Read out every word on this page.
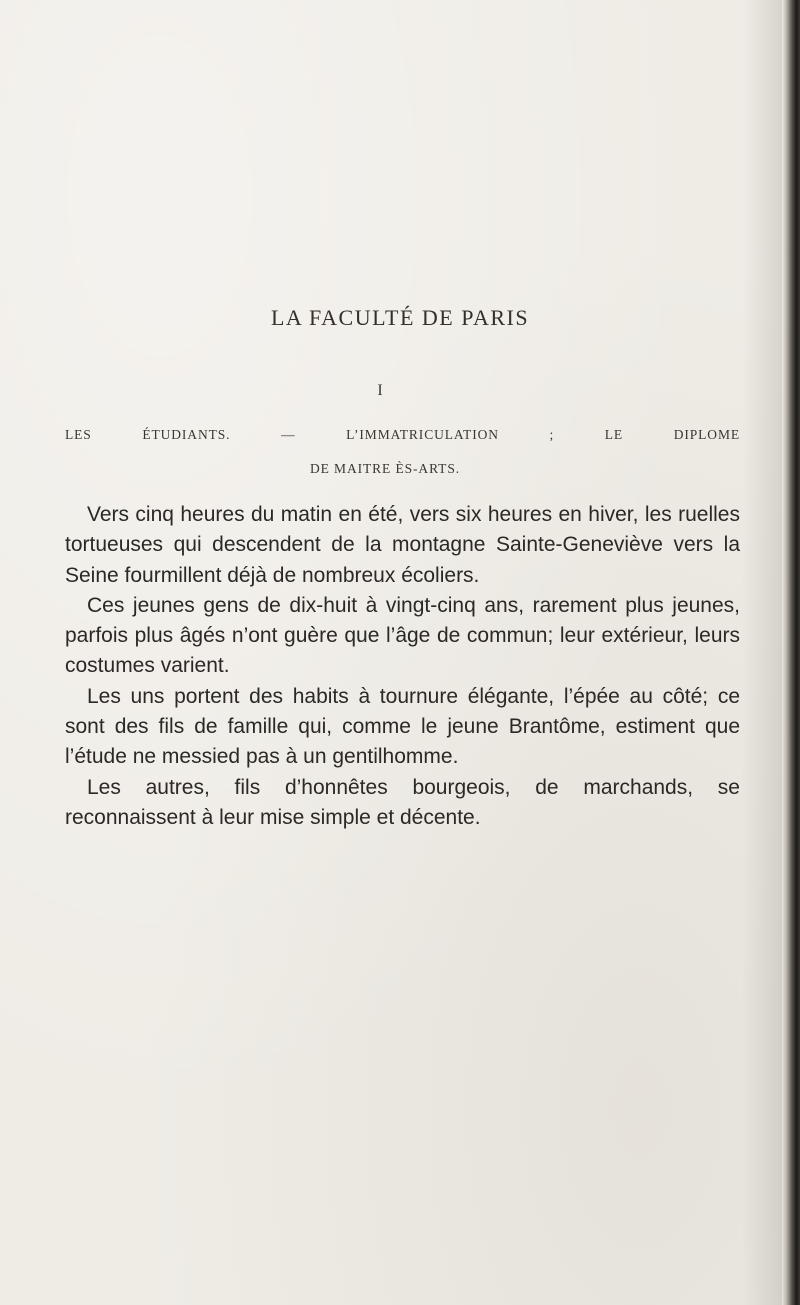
LA FACULTÉ DE PARIS
I
LES ÉTUDIANTS. — L’IMMATRICULATION ; LE DIPLOME
DE MAITRE ÈS-ARTS.

Vers cinq heures du matin en été, vers six heures en hiver, les ruelles tortueuses qui descendent de la montagne Sainte-Geneviève vers la Seine fourmillent déjà de nombreux écoliers.

Ces jeunes gens de dix-huit à vingt-cinq ans, rarement plus jeunes, parfois plus âgés n’ont guère que l’âge de commun; leur extérieur, leurs costumes varient.

Les uns portent des habits à tournure élégante, l’épée au côté; ce sont des fils de famille qui, comme le jeune Brantôme, estiment que l’étude ne messied pas à un gentilhomme.

Les autres, fils d’honnêtes bourgeois, de marchands, se reconnaissent à leur mise simple et décente.
